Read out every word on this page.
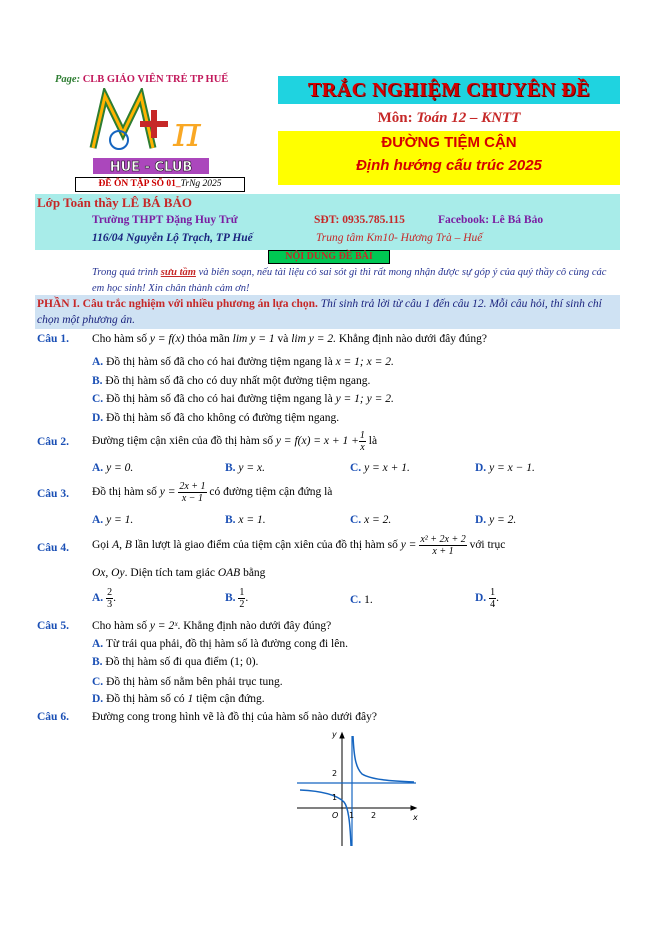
Page: CLB GIÁO VIÊN TRẺ TP HUẾ
π
HUE - CLUB
ĐỀ ÔN TẬP SỐ 01_TrNg 2025
TRẮC NGHIỆM CHUYÊN ĐỀ
Môn: Toán 12 – KNTT
ĐƯỜNG TIỆM CẬN
Định hướng cấu trúc 2025
Lớp Toán thầy LÊ BÁ BẢO
Trường THPT Đặng Huy Trứ	SĐT: 0935.785.115	Facebook: Lê Bá Bảo
116/04 Nguyễn Lộ Trạch, TP Huế	Trung tâm Km10- Hương Trà – Huế
NỘI DUNG ĐỀ BÀI
Trong quá trình sưu tầm và biên soạn, nếu tài liệu có sai sót gì thì rất mong nhận được sự góp ý của quý thầy cô cùng các em học sinh! Xin chân thành cảm ơn!
PHẦN I. Câu trắc nghiệm với nhiều phương án lựa chọn. Thí sinh trả lời từ câu 1 đến câu 12. Mỗi câu hỏi, thí sinh chỉ chọn một phương án.
Câu 1. Cho hàm số y = f(x) thỏa mãn lim y = 1 và lim y = 2. Khẳng định nào dưới đây đúng?
A. Đồ thị hàm số đã cho có hai đường tiệm ngang là x = 1; x = 2.
B. Đồ thị hàm số đã cho có duy nhất một đường tiệm ngang.
C. Đồ thị hàm số đã cho có hai đường tiệm ngang là y = 1; y = 2.
D. Đồ thị hàm số đã cho không có đường tiệm ngang.
Câu 2. Đường tiệm cận xiên của đồ thị hàm số $y = f(x) = x + 1 + \frac{1}{x}$ là
A. y = 0.	B. y = x.	C. y = x + 1.	D. y = x − 1.
Câu 3. Đồ thị hàm số $y = \frac{2x + 1}{x - 1}$ có đường tiệm cận đứng là
A. y = 1.	B. x = 1.	C. x = 2.	D. y = 2.
Câu 4. Gọi A, B lần lượt là giao điểm của tiệm cận xiên của đồ thị hàm số $y = \frac{\text{x² + 2x + 2}}{x + 1}$ với trục
Ox, Oy. Diện tích tam giác OAB bằng
A. $\frac{2}{3}$.	B. $\frac{1}{2}$.	C. 1.	D. $\frac{1}{4}$.
Câu 5. Cho hàm số y = 2ˣ. Khẳng định nào dưới đây đúng?
A. Từ trái qua phải, đồ thị hàm số là đường cong đi lên.
B. Đồ thị hàm số đi qua điểm (1; 0).
C. Đồ thị hàm số nằm bên phải trục tung.
D. Đồ thị hàm số có 1 tiệm cận đứng.
Câu 6. Đường cong trong hình vẽ là đồ thị của hàm số nào dưới đây?
y
x
O
2
1
1 2
